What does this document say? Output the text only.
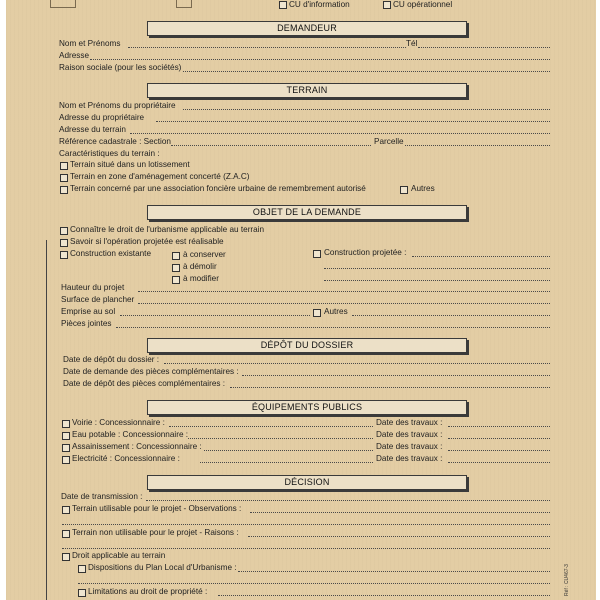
CU d'information	CU opérationnel
DEMANDEUR
Nom et Prénoms	Tél
Adresse
Raison sociale (pour les sociétés)
TERRAIN
Nom et Prénoms du propriétaire
Adresse du propriétaire
Adresse du terrain
Référence cadastrale : Section	Parcelle
Caractéristiques du terrain :
Terrain situé dans un lotissement
Terrain en zone d'aménagement concerté (Z.A.C)
Terrain concerné par une association foncière urbaine de remembrement autorisé	Autres
OBJET DE LA DEMANDE
Connaître le droit de l'urbanisme applicable au terrain
Savoir si l'opération projetée est réalisable
Construction existante	à conserver
à démolir
à modifier
Construction projetée :
Hauteur du projet
Surface de plancher
Emprise au sol	Autres
Pièces jointes
DÉPÔT DU DOSSIER
Date de dépôt du dossier :
Date de demande des pièces complémentaires :
Date de dépôt des pièces complémentaires :
ÉQUIPEMENTS PUBLICS
Voirie : Concessionnaire :	Date des travaux :
Eau potable : Concessionnaire :	Date des travaux :
Assainissement : Concessionnaire :	Date des travaux :
Electricité : Concessionnaire :	Date des travaux :
DÉCISION
Date de transmission :
Terrain utilisable pour le projet - Observations :
Terrain non utilisable pour le projet - Raisons :
Droit applicable au terrain
Dispositions du Plan Local d'Urbanisme :
Limitations au droit de propriété :	Réf : CU467-3
